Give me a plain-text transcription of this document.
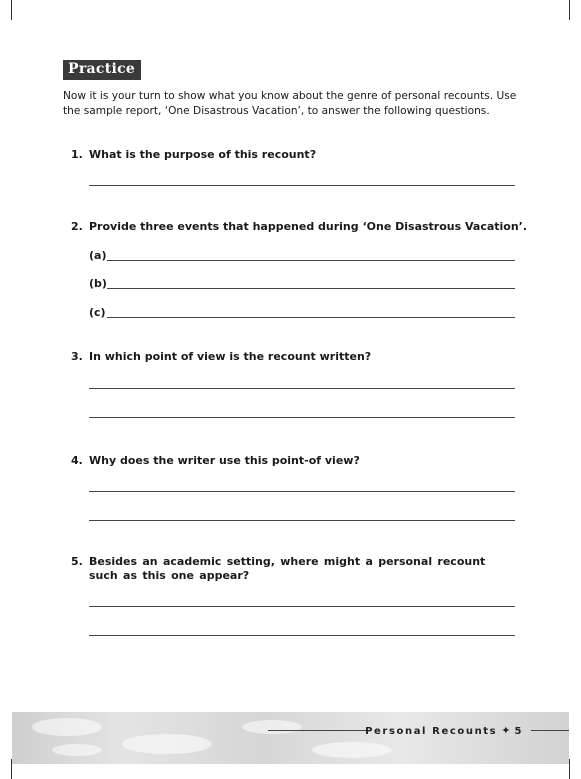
Practice

Now it is your turn to show what you know about the genre of personal recounts. Use the sample report, ‘One Disastrous Vacation’, to answer the following questions.

1. What is the purpose of this recount?
2. Provide three events that happened during ‘One Disastrous Vacation’.
(a)
(b)
(c)
3. In which point of view is the recount written?
4. Why does the writer use this point-of view?
5. Besides an academic setting, where might a personal recount such as this one appear?
Personal Recounts ✦ 5
